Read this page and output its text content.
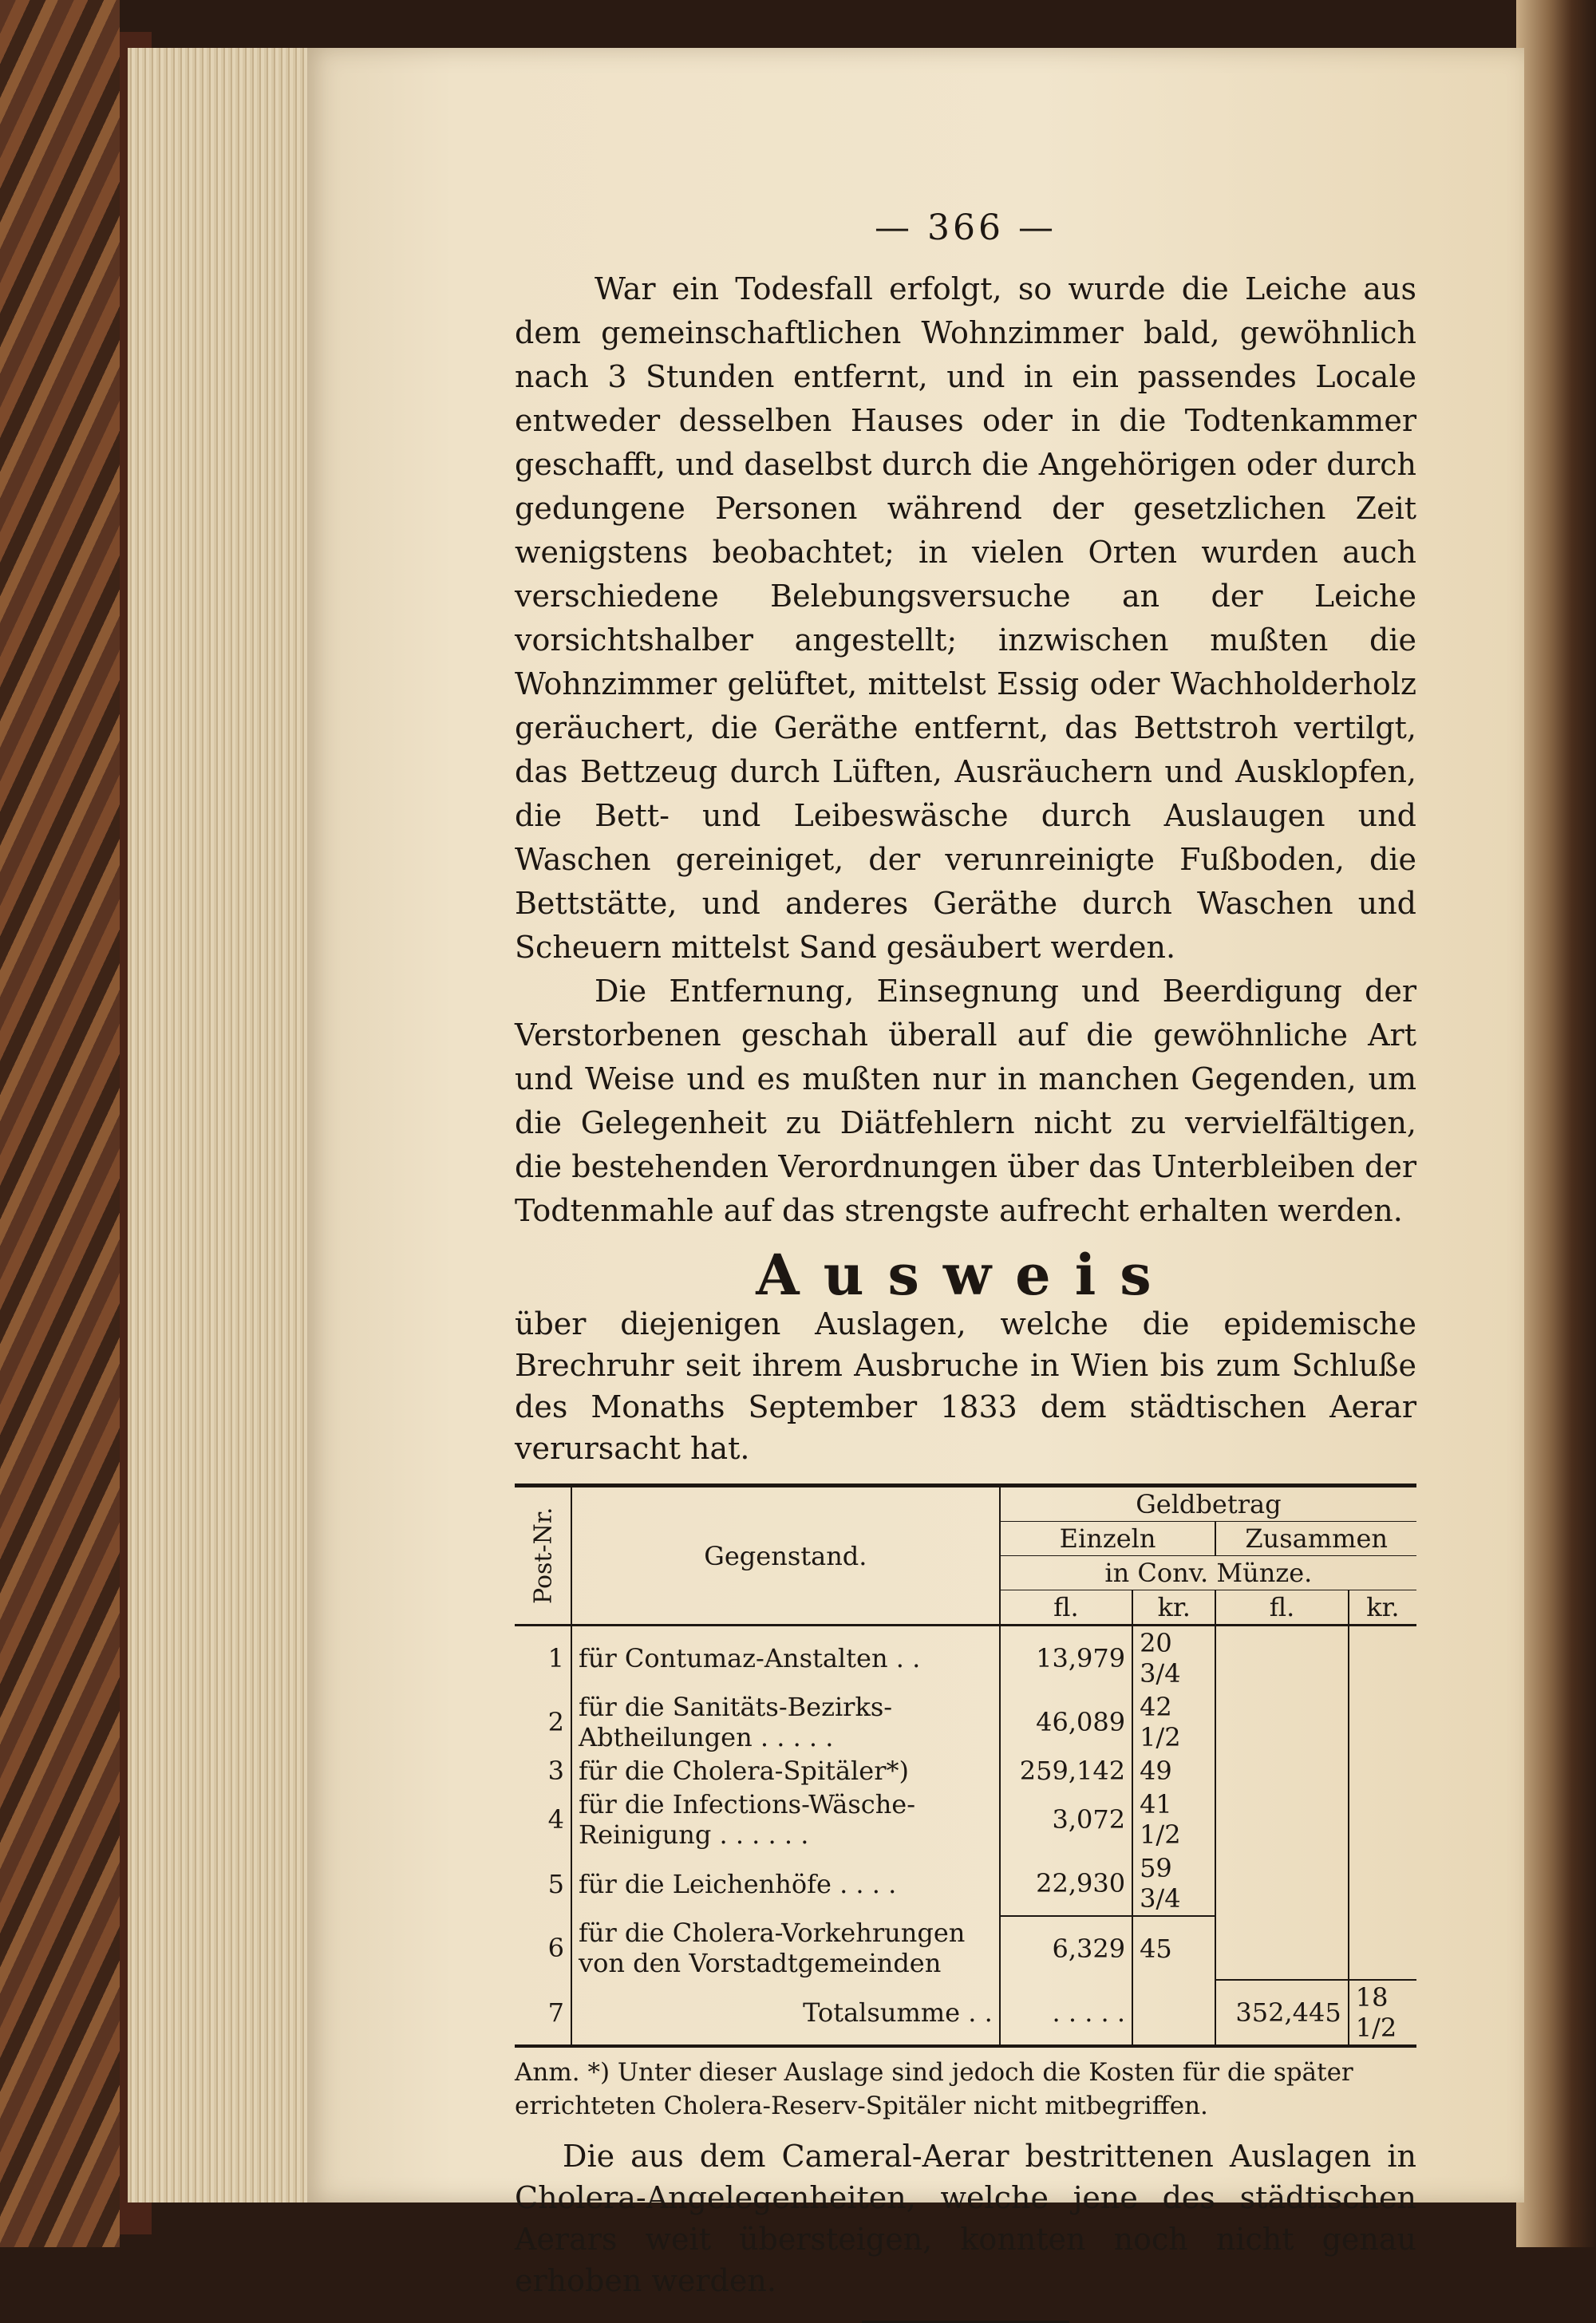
— 366 —

War ein Todesfall erfolgt, so wurde die Leiche aus dem gemeinschaftlichen Wohnzimmer bald, gewöhnlich nach 3 Stunden entfernt, und in ein passendes Locale entweder desselben Hauses oder in die Todtenkammer geschafft, und daselbst durch die Angehörigen oder durch gedungene Personen während der gesetzlichen Zeit wenigstens beobachtet; in vielen Orten wurden auch verschiedene Belebungsversuche an der Leiche vorsichtshalber angestellt; inzwischen mußten die Wohnzimmer gelüftet, mittelst Essig oder Wachholderholz geräuchert, die Geräthe entfernt, das Bettstroh vertilgt, das Bettzeug durch Lüften, Ausräuchern und Ausklopfen, die Bett- und Leibeswäsche durch Auslaugen und Waschen gereiniget, der verunreinigte Fußboden, die Bettstätte, und anderes Geräthe durch Waschen und Scheuern mittelst Sand gesäubert werden.

Die Entfernung, Einsegnung und Beerdigung der Verstorbenen geschah überall auf die gewöhnliche Art und Weise und es mußten nur in manchen Gegenden, um die Gelegenheit zu Diätfehlern nicht zu vervielfältigen, die bestehenden Verordnungen über das Unterbleiben der Todtenmahle auf das strengste aufrecht erhalten werden.

Ausweis

über diejenigen Auslagen, welche die epidemische Brechruhr seit ihrem Ausbruche in Wien bis zum Schluße des Monaths September 1833 dem städtischen Aerar verursacht hat.

Post-Nr.	Gegenstand.	Geldbetrag			
		Einzeln		Zusammen	
		in Conv. Münze.			
		fl.	kr.	fl.	kr.
1	für Contumaz-Anstalten . .	13,979	20 3/4		
2	für die Sanitäts-Bezirks-Abtheilungen . . . . .	46,089	42 1/2		
3	für die Cholera-Spitäler*)	259,142	49		
4	für die Infections-Wäsche-Reinigung . . . . . .	3,072	41 1/2		
5	für die Leichenhöfe . . . .	22,930	59 3/4		
6	für die Cholera-Vorkehrungen von den Vorstadtgemeinden	6,329	45		
7	Totalsumme . .	. . . . .		352,445	18 1/2
Anm. *) Unter dieser Auslage sind jedoch die Kosten für die später errichteten Cholera-Reserv-Spitäler nicht mitbegriffen.

Die aus dem Cameral-Aerar bestrittenen Auslagen in Cholera-Angelegenheiten, welche jene des städtischen Aerars weit übersteigen, konnten noch nicht genau erhoben werden.
